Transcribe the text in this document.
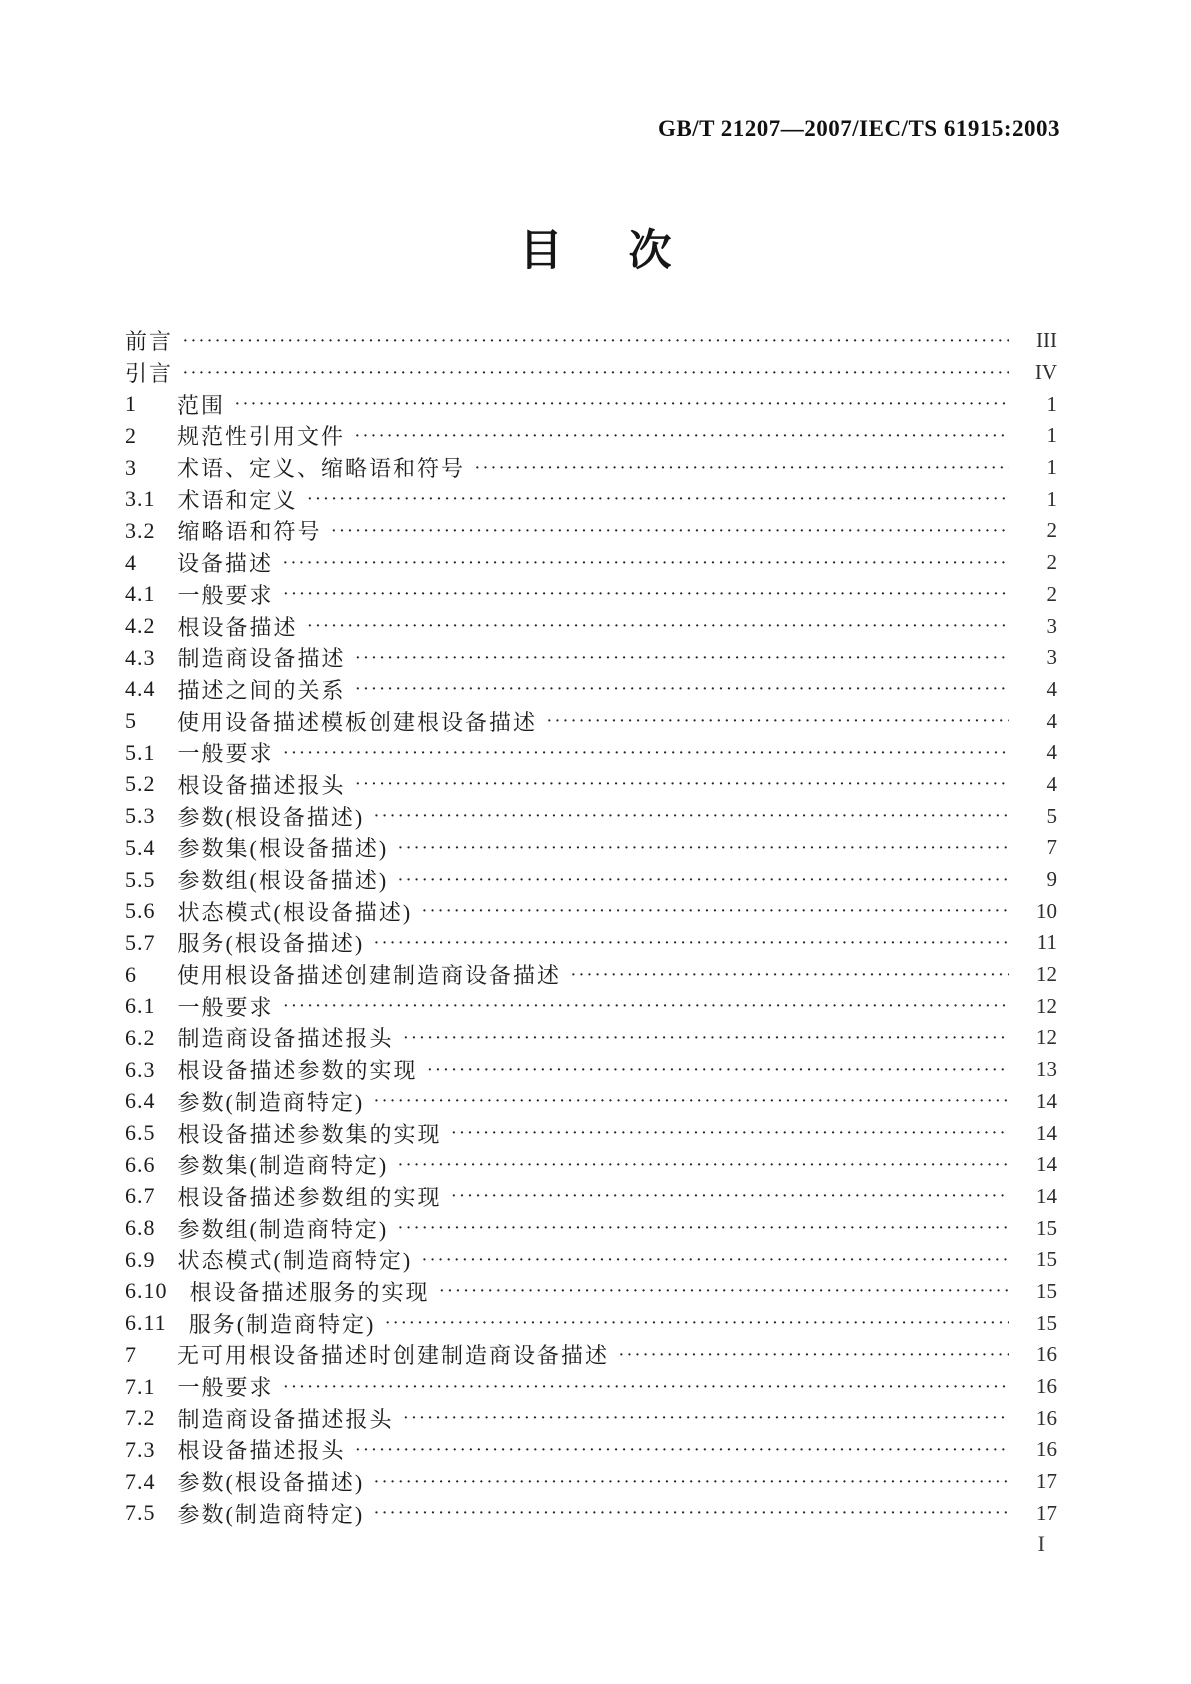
GB/T 21207—2007/IEC/TS 61915:2003
目次
前言 ·····	III
引言 ·····	IV
1	范围 ·····	1
2	规范性引用文件 ·····	1
3	术语、定义、缩略语和符号 ·····	1
3.1 术语和定义 ·····	1
3.2 缩略语和符号 ·····	2
4	设备描述 ·····	2
4.1 一般要求 ·····	2
4.2 根设备描述 ·····	3
4.3 制造商设备描述 ·····	3
4.4 描述之间的关系 ·····	4
5	使用设备描述模板创建根设备描述 ·····	4
5.1 一般要求 ·····	4
5.2 根设备描述报头 ·····	4
5.3 参数(根设备描述) ·····	5
5.4 参数集(根设备描述) ·····	7
5.5 参数组(根设备描述) ·····	9
5.6 状态模式(根设备描述) ·····	10
5.7 服务(根设备描述) ·····	11
6	使用根设备描述创建制造商设备描述 ·····	12
6.1 一般要求 ·····	12
6.2 制造商设备描述报头 ·····	12
6.3 根设备描述参数的实现 ·····	13
6.4 参数(制造商特定) ·····	14
6.5 根设备描述参数集的实现 ·····	14
6.6 参数集(制造商特定) ·····	14
6.7 根设备描述参数组的实现 ·····	14
6.8 参数组(制造商特定) ·····	15
6.9 状态模式(制造商特定) ·····	15
6.10 根设备描述服务的实现 ·····	15
6.11 服务(制造商特定) ·····	15
7	无可用根设备描述时创建制造商设备描述 ·····	16
7.1 一般要求 ·····	16
7.2 制造商设备描述报头 ·····	16
7.3 根设备描述报头 ·····	16
7.4 参数(根设备描述) ·····	17
7.5 参数(制造商特定) ·····	17
I
